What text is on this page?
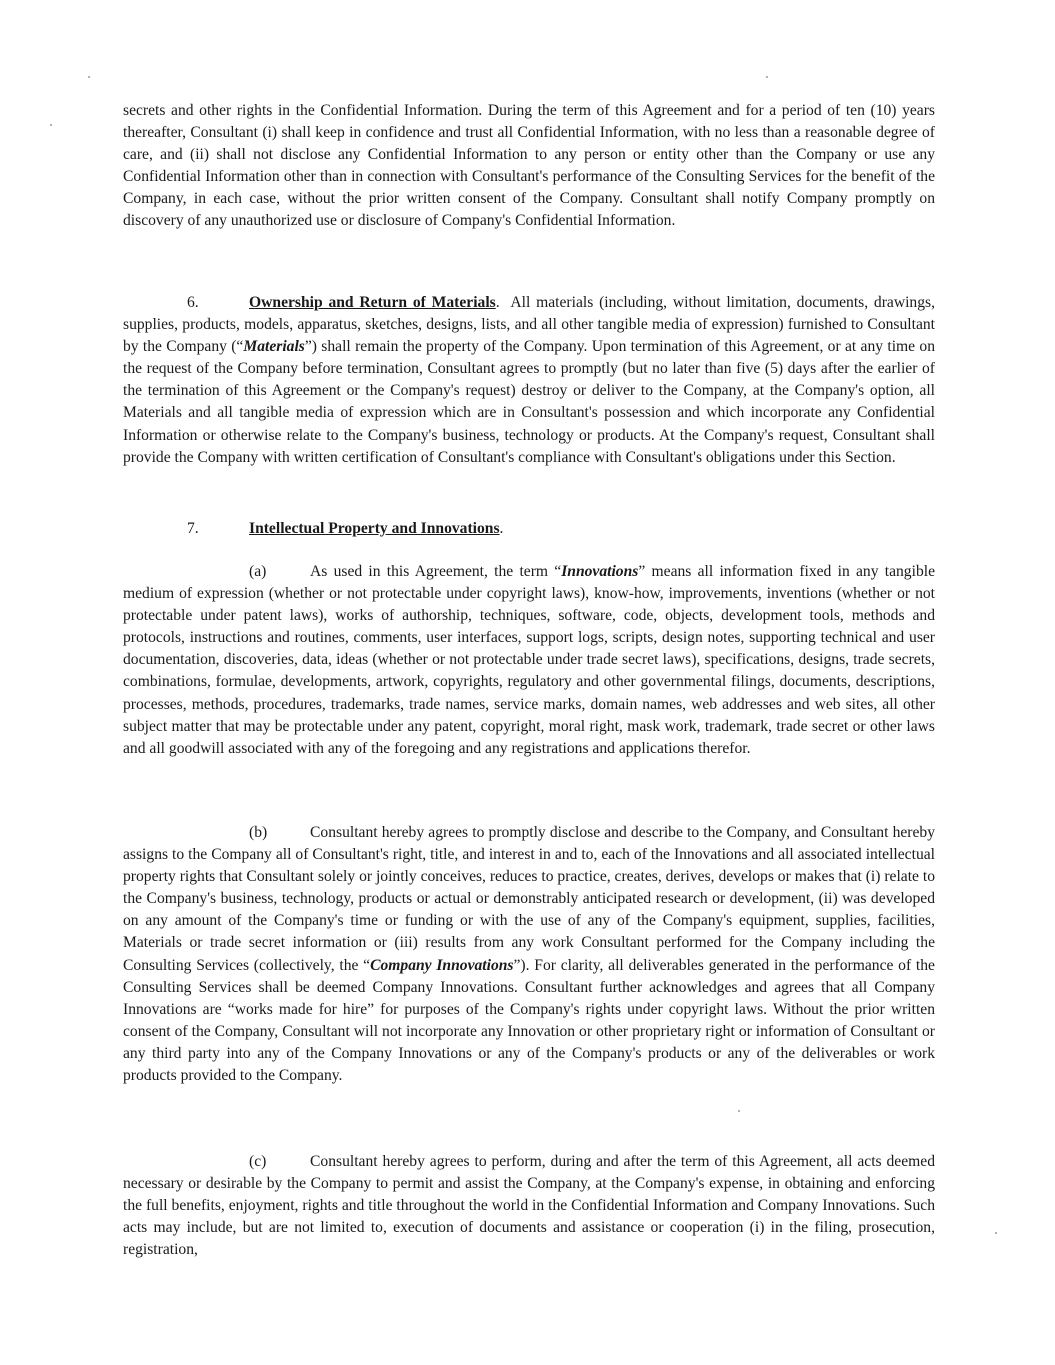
secrets and other rights in the Confidential Information. During the term of this Agreement and for a period of ten (10) years thereafter, Consultant (i) shall keep in confidence and trust all Confidential Information, with no less than a reasonable degree of care, and (ii) shall not disclose any Confidential Information to any person or entity other than the Company or use any Confidential Information other than in connection with Consultant's performance of the Consulting Services for the benefit of the Company, in each case, without the prior written consent of the Company. Consultant shall notify Company promptly on discovery of any unauthorized use or disclosure of Company's Confidential Information.

6.	Ownership and Return of Materials. All materials (including, without limitation, documents, drawings, supplies, products, models, apparatus, sketches, designs, lists, and all other tangible media of expression) furnished to Consultant by the Company (“Materials”) shall remain the property of the Company. Upon termination of this Agreement, or at any time on the request of the Company before termination, Consultant agrees to promptly (but no later than five (5) days after the earlier of the termination of this Agreement or the Company's request) destroy or deliver to the Company, at the Company's option, all Materials and all tangible media of expression which are in Consultant's possession and which incorporate any Confidential Information or otherwise relate to the Company's business, technology or products. At the Company's request, Consultant shall provide the Company with written certification of Consultant's compliance with Consultant's obligations under this Section.

7.	Intellectual Property and Innovations.

(a)	As used in this Agreement, the term “Innovations” means all information fixed in any tangible medium of expression (whether or not protectable under copyright laws), know-how, improvements, inventions (whether or not protectable under patent laws), works of authorship, techniques, software, code, objects, development tools, methods and protocols, instructions and routines, comments, user interfaces, support logs, scripts, design notes, supporting technical and user documentation, discoveries, data, ideas (whether or not protectable under trade secret laws), specifications, designs, trade secrets, combinations, formulae, developments, artwork, copyrights, regulatory and other governmental filings, documents, descriptions, processes, methods, procedures, trademarks, trade names, service marks, domain names, web addresses and web sites, all other subject matter that may be protectable under any patent, copyright, moral right, mask work, trademark, trade secret or other laws and all goodwill associated with any of the foregoing and any registrations and applications therefor.

(b)	Consultant hereby agrees to promptly disclose and describe to the Company, and Consultant hereby assigns to the Company all of Consultant's right, title, and interest in and to, each of the Innovations and all associated intellectual property rights that Consultant solely or jointly conceives, reduces to practice, creates, derives, develops or makes that (i) relate to the Company's business, technology, products or actual or demonstrably anticipated research or development, (ii) was developed on any amount of the Company's time or funding or with the use of any of the Company's equipment, supplies, facilities, Materials or trade secret information or (iii) results from any work Consultant performed for the Company including the Consulting Services (collectively, the “Company Innovations”). For clarity, all deliverables generated in the performance of the Consulting Services shall be deemed Company Innovations. Consultant further acknowledges and agrees that all Company Innovations are “works made for hire” for purposes of the Company's rights under copyright laws. Without the prior written consent of the Company, Consultant will not incorporate any Innovation or other proprietary right or information of Consultant or any third party into any of the Company Innovations or any of the Company's products or any of the deliverables or work products provided to the Company.

(c)	Consultant hereby agrees to perform, during and after the term of this Agreement, all acts deemed necessary or desirable by the Company to permit and assist the Company, at the Company's expense, in obtaining and enforcing the full benefits, enjoyment, rights and title throughout the world in the Confidential Information and Company Innovations. Such acts may include, but are not limited to, execution of documents and assistance or cooperation (i) in the filing, prosecution, registration,
